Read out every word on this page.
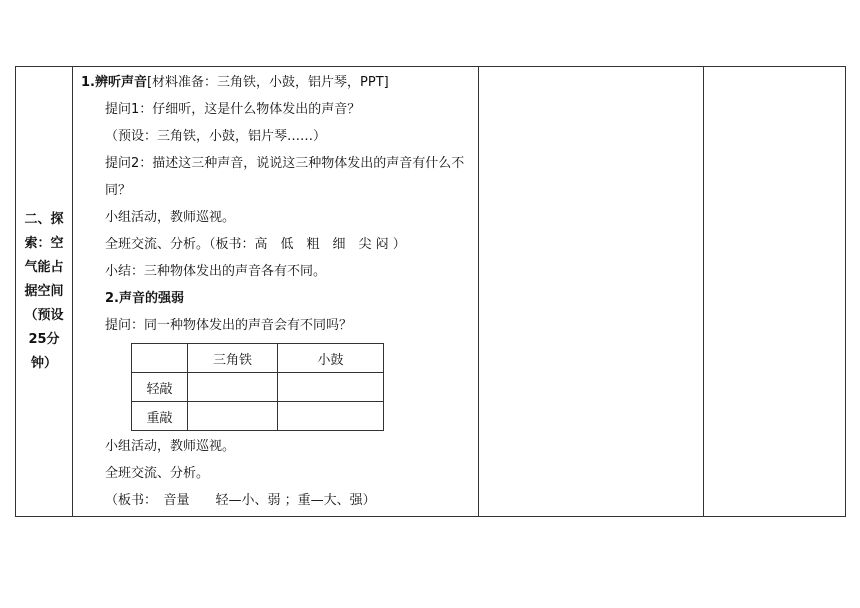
二、探索：空气能占据空间（预设25分钟）

1.辨听声音[材料准备：三角铁，小鼓，铝片琴，PPT]
提问1：仔细听，这是什么物体发出的声音？
（预设：三角铁，小鼓，铝片琴……）
提问2：描述这三种声音，说说这三种物体发出的声音有什么不同？
小组活动，教师巡视。
全班交流、分析。（板书：高　低　粗　细　尖 闷 ）
小结：三种物体发出的声音各有不同。
2.声音的强弱
提问：同一种物体发出的声音会有不同吗？
	三角铁	小鼓
轻敲		
重敲		
小组活动，教师巡视。
全班交流、分析。
（板书：　音量　　轻—小、弱 ；重—大、强）
